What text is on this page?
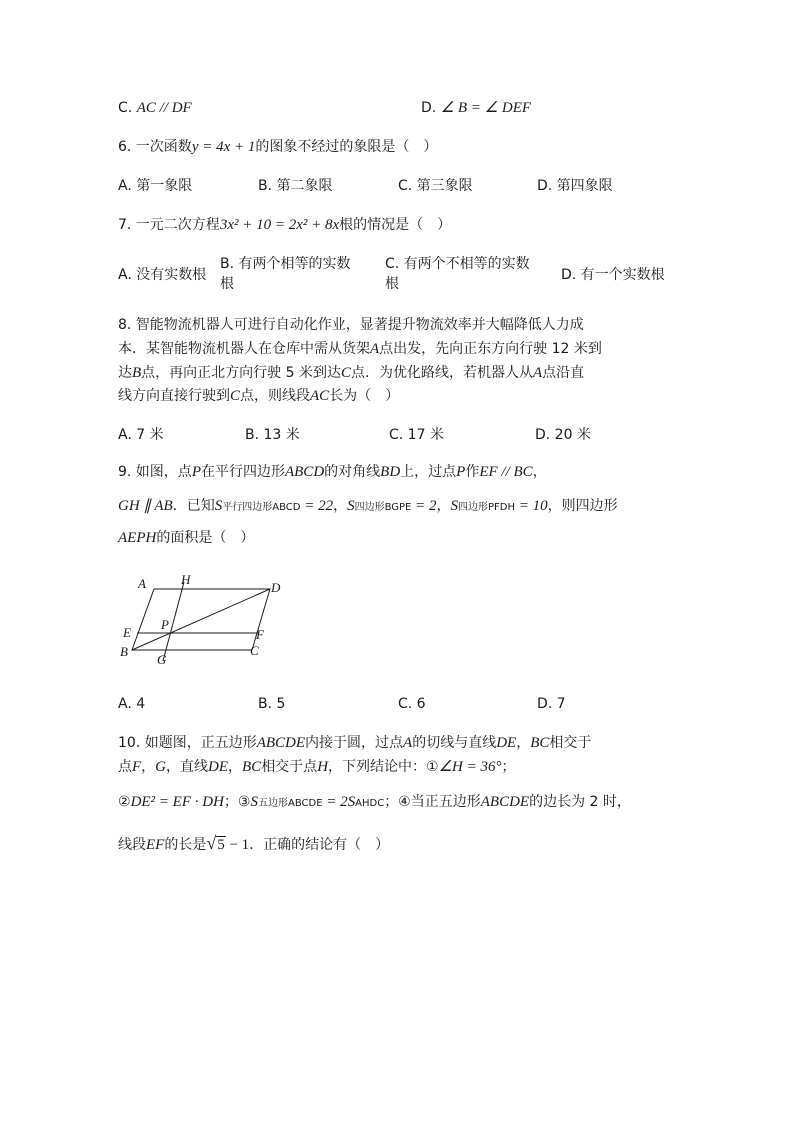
C. AC // DF	D. ∠ B = ∠ DEF
6. 一次函数y = 4x + 1的图象不经过的象限是（　）
A. 第一象限	B. 第二象限	C. 第三象限	D. 第四象限
7. 一元二次方程3x² + 10 = 2x² + 8x根的情况是（　）
A. 没有实数根
B. 有两个相等的实数
根
C. 有两个不相等的实数
根
D. 有一个实数根
8. 智能物流机器人可进行自动化作业，显著提升物流效率并大幅降低人力成
本．某智能物流机器人在仓库中需从货架A点出发，先向正东方向行驶 12 米到
达B点，再向正北方向行驶 5 米到达C点．为优化路线，若机器人从A点沿直
线方向直接行驶到C点，则线段AC长为（　）
A. 7 米	B. 13 米	C. 17 米	D. 20 米
9. 如图，点P在平行四边形ABCD的对角线BD上，过点P作EF // BC，
GH ∥ AB．已知S平行四边形ABCD = 22，S四边形BGPE = 2，S四边形PFDH = 10，则四边形
AEPH的面积是（　）
A	H
D
E
P
F
B
G
C
A. 4	B. 5	C. 6	D. 7
10. 如题图，正五边形ABCDE内接于圆，过点A的切线与直线DE，BC相交于
点F，G，直线DE，BC相交于点H，下列结论中：①∠H = 36°；
②DE² = EF · DH；③S五边形ABCDE = 2SAHDC；④当正五边形ABCDE的边长为 2 时，
线段EF的长是√5 − 1．正确的结论有（　）
